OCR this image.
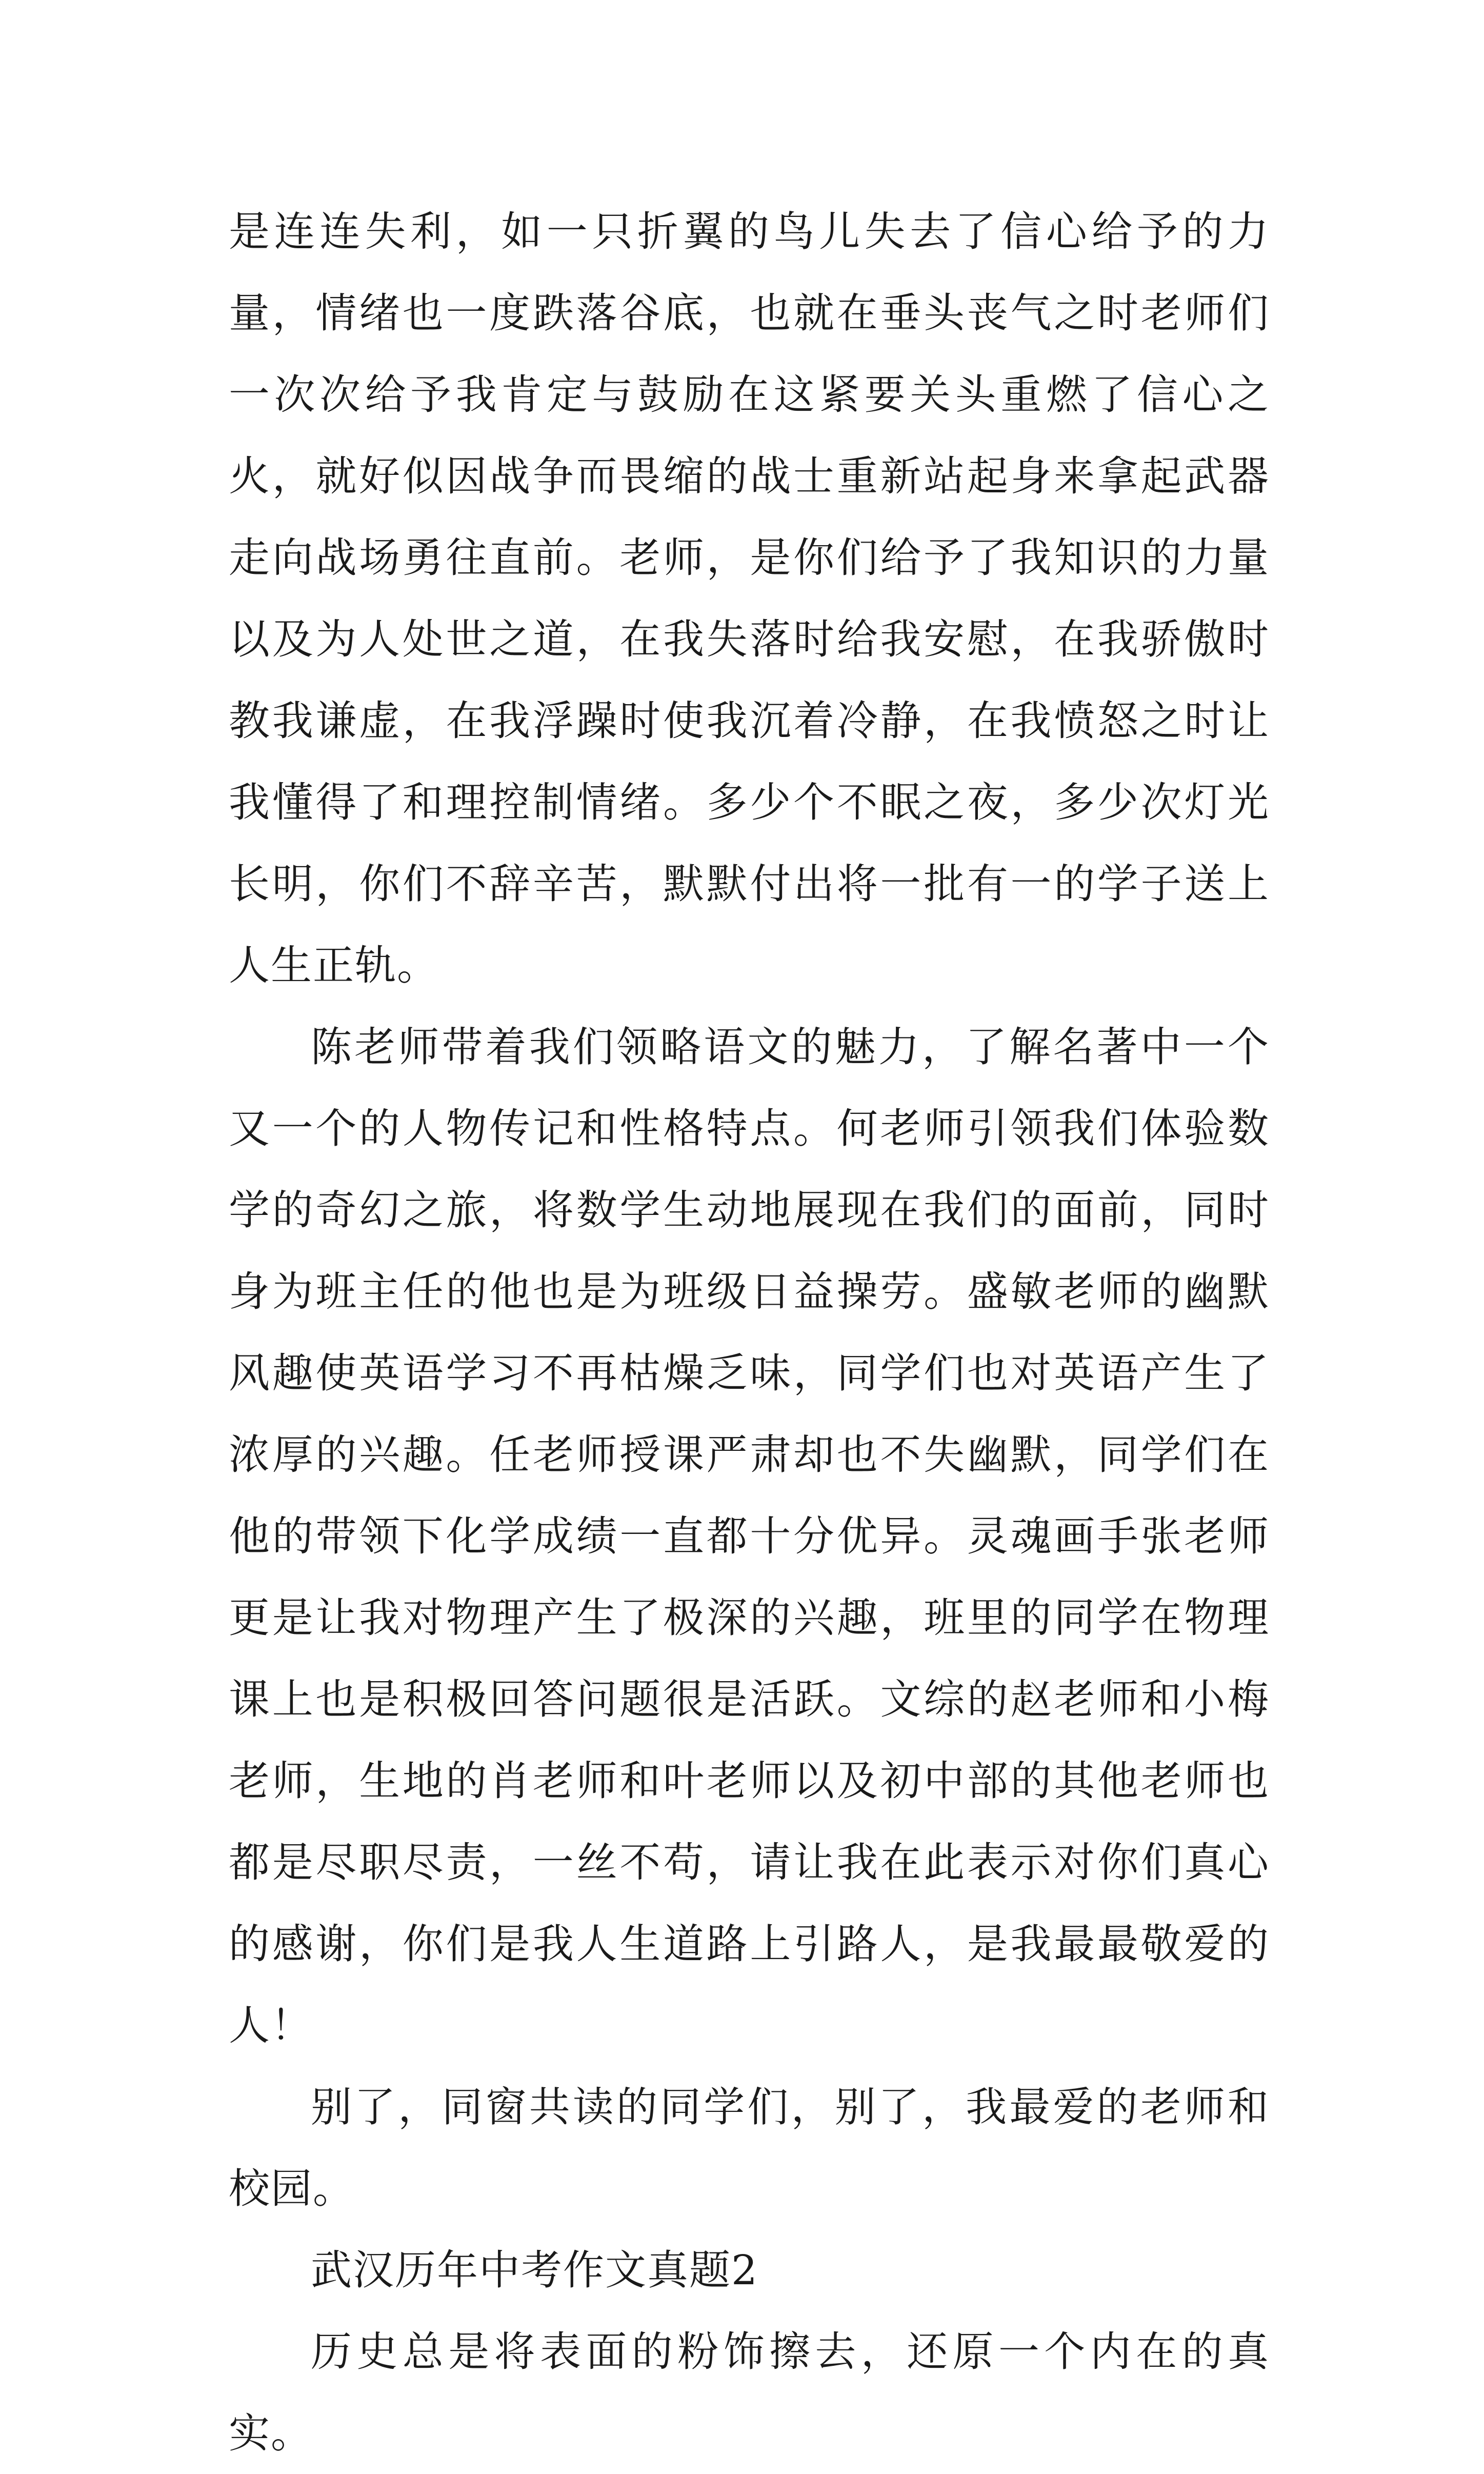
是连连失利，如一只折翼的鸟儿失去了信心给予的力量，情绪也一度跌落谷底，也就在垂头丧气之时老师们一次次给予我肯定与鼓励在这紧要关头重燃了信心之火，就好似因战争而畏缩的战士重新站起身来拿起武器走向战场勇往直前。老师，是你们给予了我知识的力量以及为人处世之道，在我失落时给我安慰，在我骄傲时教我谦虚，在我浮躁时使我沉着冷静，在我愤怒之时让我懂得了和理控制情绪。多少个不眠之夜，多少次灯光长明，你们不辞辛苦，默默付出将一批有一的学子送上人生正轨。

陈老师带着我们领略语文的魅力，了解名著中一个又一个的人物传记和性格特点。何老师引领我们体验数学的奇幻之旅，将数学生动地展现在我们的面前，同时身为班主任的他也是为班级日益操劳。盛敏老师的幽默风趣使英语学习不再枯燥乏味，同学们也对英语产生了浓厚的兴趣。任老师授课严肃却也不失幽默，同学们在他的带领下化学成绩一直都十分优异。灵魂画手张老师更是让我对物理产生了极深的兴趣，班里的同学在物理课上也是积极回答问题很是活跃。文综的赵老师和小梅老师，生地的肖老师和叶老师以及初中部的其他老师也都是尽职尽责，一丝不苟，请让我在此表示对你们真心的感谢，你们是我人生道路上引路人，是我最最敬爱的人！

别了，同窗共读的同学们，别了，我最爱的老师和校园。

武汉历年中考作文真题2

历史总是将表面的粉饰擦去，还原一个内在的真实。
